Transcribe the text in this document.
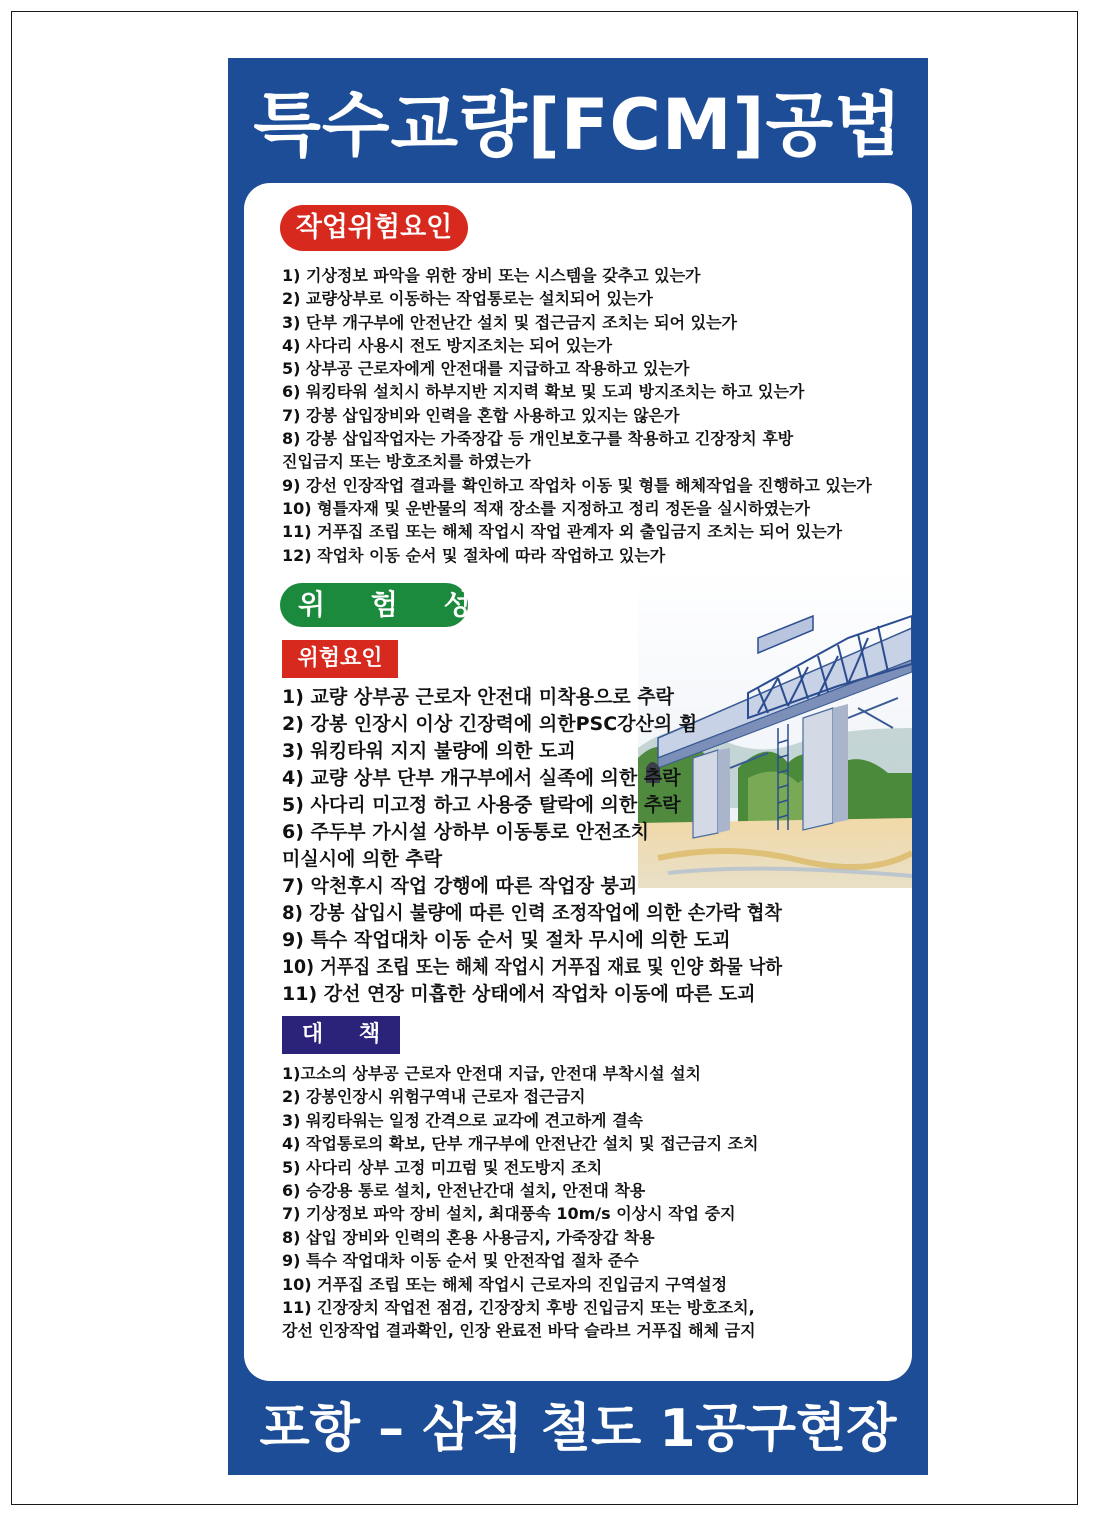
특수교량[FCM]공법
작업위험요인
1) 기상정보 파악을 위한 장비 또는 시스템을 갖추고 있는가
2) 교량상부로 이동하는 작업통로는 설치되어 있는가
3) 단부 개구부에 안전난간 설치 및 접근금지 조치는 되어 있는가
4) 사다리 사용시 전도 방지조치는 되어 있는가
5) 상부공 근로자에게 안전대를 지급하고 작용하고 있는가
6) 워킹타워 설치시 하부지반 지지력 확보 및 도괴 방지조치는 하고 있는가
7) 강봉 삽입장비와 인력을 혼합 사용하고 있지는 않은가
8) 강봉 삽입작업자는 가죽장갑 등 개인보호구를 착용하고 긴장장치 후방
진입금지 또는 방호조치를 하였는가
9) 강선 인장작업 결과를 확인하고 작업차 이동 및 형틀 해체작업을 진행하고 있는가
10) 형틀자재 및 운반물의 적재 장소를 지정하고 정리 정돈을 실시하였는가
11) 거푸집 조립 또는 해체 작업시 작업 관계자 외 출입금지 조치는 되어 있는가
12) 작업차 이동 순서 및 절차에 따라 작업하고 있는가
위 험 성
위험요인
1) 교량 상부공 근로자 안전대 미착용으로 추락
2) 강봉 인장시 이상 긴장력에 의한PSC강산의 휨
3) 워킹타워 지지 불량에 의한 도괴
4) 교량 상부 단부 개구부에서 실족에 의한 추락
5) 사다리 미고정 하고 사용중 탈락에 의한 추락
6) 주두부 가시설 상하부 이동통로 안전조치
미실시에 의한 추락
7) 악천후시 작업 강행에 따른 작업장 붕괴
8) 강봉 삽입시 불량에 따른 인력 조정작업에 의한 손가락 협착
9) 특수 작업대차 이동 순서 및 절차 무시에 의한 도괴
10) 거푸집 조립 또는 해체 작업시 거푸집 재료 및 인양 화물 낙하
11) 강선 연장 미흡한 상태에서 작업차 이동에 따른 도괴
대 책
1)고소의 상부공 근로자 안전대 지급, 안전대 부착시설 설치
2) 강봉인장시 위험구역내 근로자 접근금지
3) 워킹타워는 일정 간격으로 교각에 견고하게 결속
4) 작업통로의 확보, 단부 개구부에 안전난간 설치 및 접근금지 조치
5) 사다리 상부 고정 미끄럼 및 전도방지 조치
6) 승강용 통로 설치, 안전난간대 설치, 안전대 착용
7) 기상정보 파악 장비 설치, 최대풍속 10m/s 이상시 작업 중지
8) 삽입 장비와 인력의 혼용 사용금지, 가죽장갑 착용
9) 특수 작업대차 이동 순서 및 안전작업 절차 준수
10) 거푸집 조립 또는 해체 작업시 근로자의 진입금지 구역설정
11) 긴장장치 작업전 점검, 긴장장치 후방 진입금지 또는 방호조치,
강선 인장작업 결과확인, 인장 완료전 바닥 슬라브 거푸집 해체 금지
포항 – 삼척 철도 1공구현장
